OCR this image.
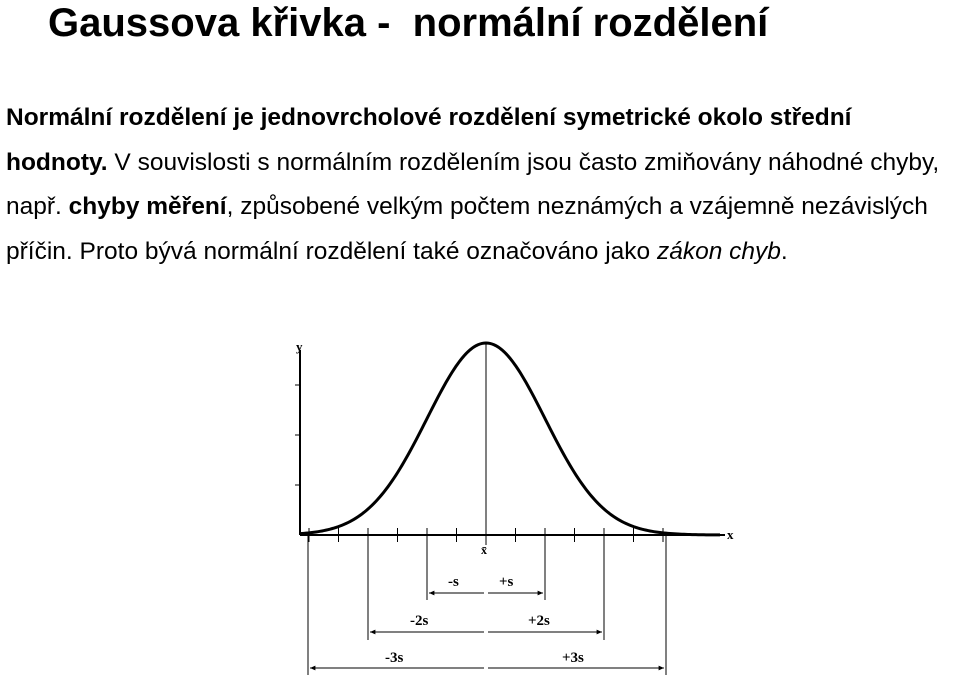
Gaussova křivka -  normální rozdělení

Normální rozdělení je jednovrcholové rozdělení symetrické okolo střední hodnoty. V souvislosti s normálním rozdělením jsou často zmiňovány náhodné chyby, např. chyby měření, způsobené velkým počtem neznámých a vzájemně nezávislých příčin. Proto bývá normální rozdělení také označováno jako zákon chyb.

y
x
x̄
-s	+s
-2s	+2s
-3s	+3s
